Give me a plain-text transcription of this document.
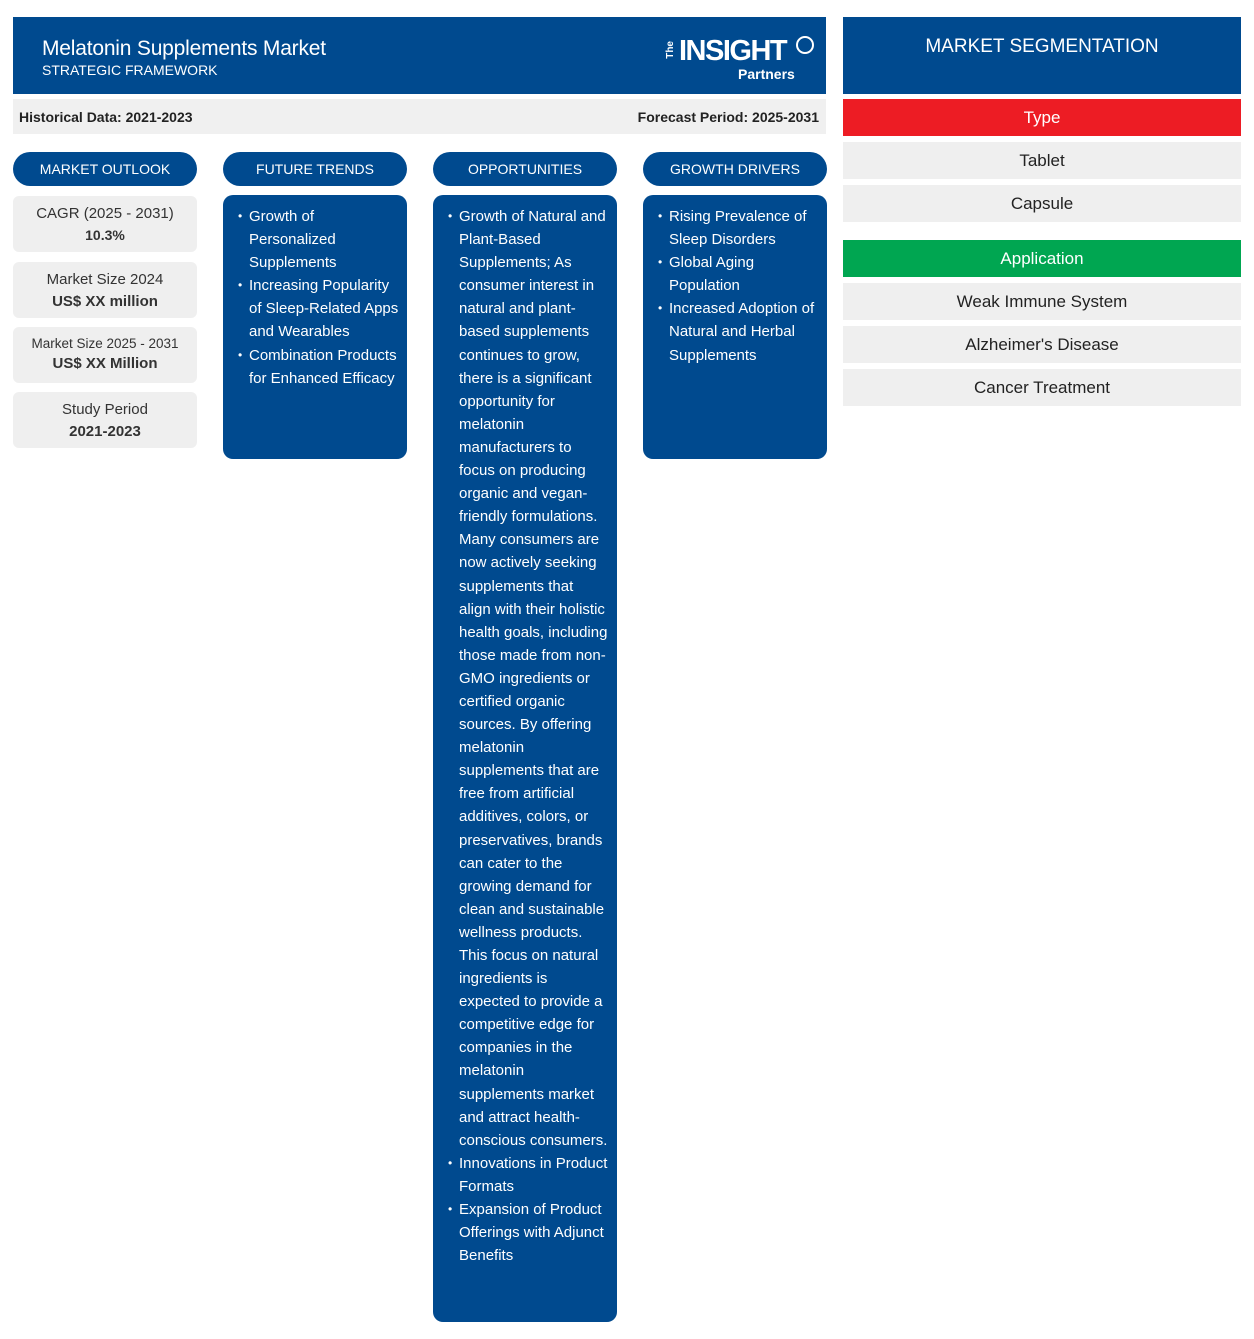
Melatonin Supplements Market
STRATEGIC FRAMEWORK
The INSIGHT
Partners
Historical Data: 2021-2023	Forecast Period: 2025-2031
MARKET OUTLOOK	FUTURE TRENDS	OPPORTUNITIES	GROWTH DRIVERS
CAGR (2025 - 2031)
10.3%
Market Size 2024
US$ XX million
Market Size 2025 - 2031
US$ XX Million
Study Period
2021-2023
• Growth of Personalized Supplements
• Increasing Popularity of Sleep-Related Apps and Wearables
• Combination Products for Enhanced Efficacy
• Growth of Natural and Plant-Based Supplements; As consumer interest in natural and plant-based supplements continues to grow, there is a significant opportunity for melatonin manufacturers to focus on producing organic and vegan-friendly formulations. Many consumers are now actively seeking supplements that align with their holistic health goals, including those made from non-GMO ingredients or certified organic sources. By offering melatonin supplements that are free from artificial additives, colors, or preservatives, brands can cater to the growing demand for clean and sustainable wellness products. This focus on natural ingredients is expected to provide a competitive edge for companies in the melatonin supplements market and attract health-conscious consumers.
• Innovations in Product Formats
• Expansion of Product Offerings with Adjunct Benefits
• Rising Prevalence of Sleep Disorders
• Global Aging Population
• Increased Adoption of Natural and Herbal Supplements
MARKET SEGMENTATION
Type
Tablet
Capsule
Application
Weak Immune System
Alzheimer's Disease
Cancer Treatment
